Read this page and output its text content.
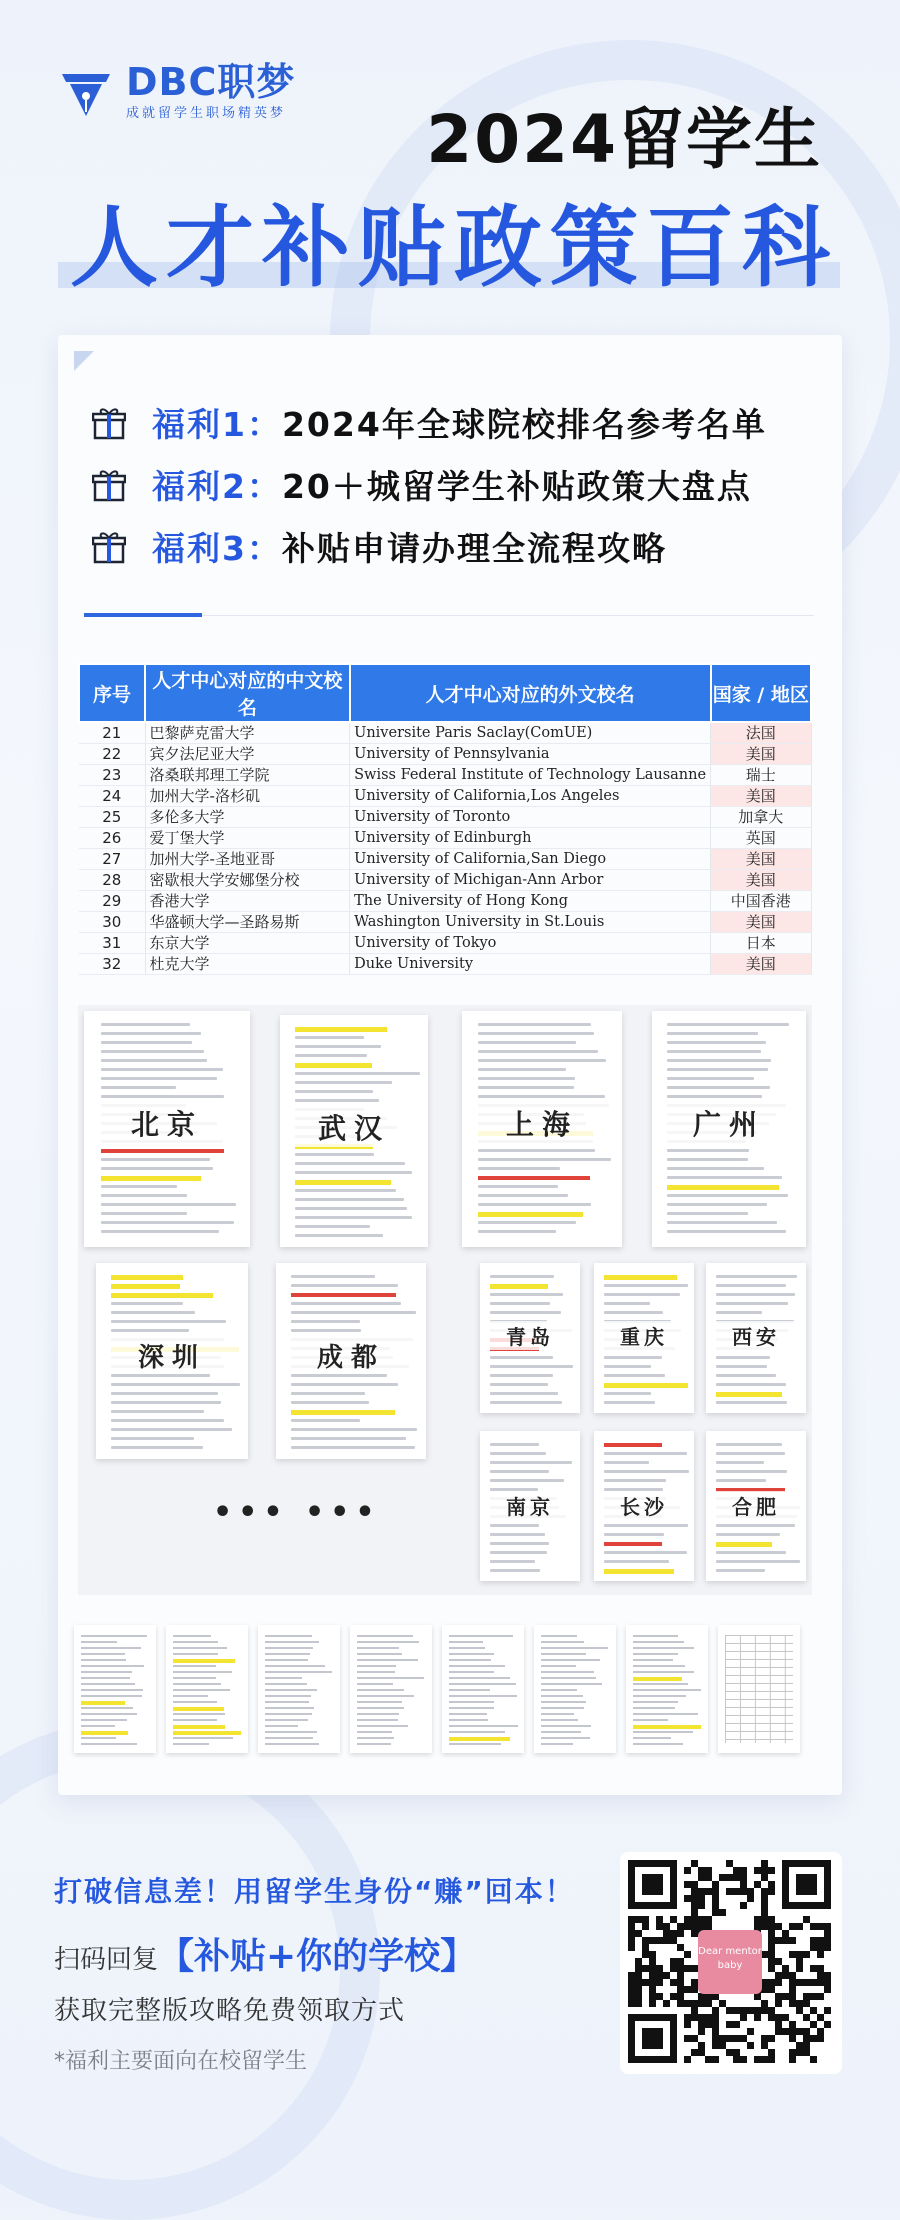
DBC职梦
成就留学生职场精英梦 2024留学生
人才补贴政策百科
福利1： 2024年全球院校排名参考名单
福利2： 20＋城留学生补贴政策大盘点
福利3： 补贴申请办理全流程攻略
序号	人才中心对应的中文校名	人才中心对应的外文校名	国家 / 地区
21	巴黎萨克雷大学	Universite Paris Saclay(ComUE)	法国
22	宾夕法尼亚大学	University of Pennsylvania	美国
23	洛桑联邦理工学院	Swiss Federal Institute of Technology Lausanne	瑞士
24	加州大学-洛杉矶	University of California,Los Angeles	美国
25	多伦多大学	University of Toronto	加拿大
26	爱丁堡大学	University of Edinburgh	英国
27	加州大学-圣地亚哥	University of California,San Diego	美国
28	密歇根大学安娜堡分校	University of Michigan-Ann Arbor	美国
29	香港大学	The University of Hong Kong	中国香港
30	华盛顿大学—圣路易斯	Washington University in St.Louis	美国
31	东京大学	University of Tokyo	日本
32	杜克大学	Duke University	美国
北京	武汉	上海	广州
深圳	成都
青岛	重庆	西安
南京	长沙	合肥
••• •••
打破信息差！用留学生身份“赚”回本！
扫码回复【补贴+你的学校】
获取完整版攻略免费领取方式
*福利主要面向在校留学生
Dear mentor
baby
